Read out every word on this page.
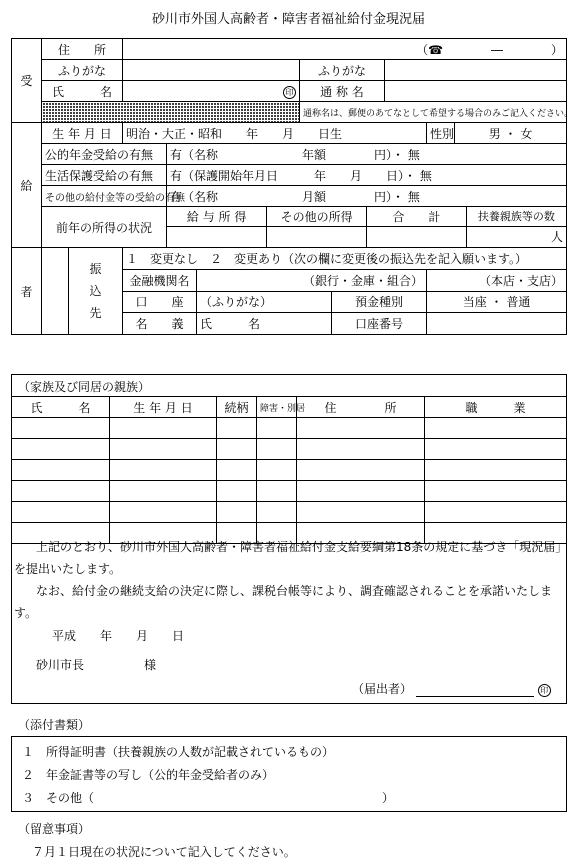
砂川市外国人高齢者・障害者福祉給付金現況届
受	住　　所	（☎　　　　―　　　　）
ふりがな		ふりがな	
氏　　　名	印	通 称 名	
	通称名は、郵便のあてなとして希望する場合のみご記入ください。
給	生 年 月 日	明治・大正・昭和　　年　　月　　日生	性別	男 ・ 女
公的年金受給の有無	有（名称　　　　　　　年額　　　　円）・ 無
生活保護受給の有無	有（保護開始年月日　　　年　　月　　日）・ 無
その他の給付金等の受給の有無	有（名称　　　　　　　月額　　　　円）・ 無
前年の所得の状況	
給 与 所 得	その他の所得	合　　計	扶養親族等の数
			人

者	
	振
込
先
	１　変更なし　２　変更あり（次の欄に変更後の振込先を記入願います。）
金融機関名	（銀行・金庫・組合）	（本店・支店）
口　　座	（ふりがな）	預金種別	当座 ・ 普通
名　　義	氏　　　名	口座番号	
（家族及び同居の親族）
氏　　　名	生 年 月 日	続柄	障害・別居	住　　　　所	職　　　業

上記のとおり、砂川市外国人高齢者・障害者福祉給付金支給要綱第18条の規定に基づき「現況届」を提出いたします。
なお、給付金の継続支給の決定に際し、課税台帳等により、調査確認されることを承諾いたします。
平成　　年　　月　　日
砂川市長　　　　　様
（届出者）	印
（添付書類）
１　所得証明書（扶養親族の人数が記載されているもの）
２　年金証書等の写し（公的年金受給者のみ）
３　その他（　　　　　　　　　　　　　　　　　　　　　　　　）
（留意事項）
７月１日現在の状況について記入してください。
